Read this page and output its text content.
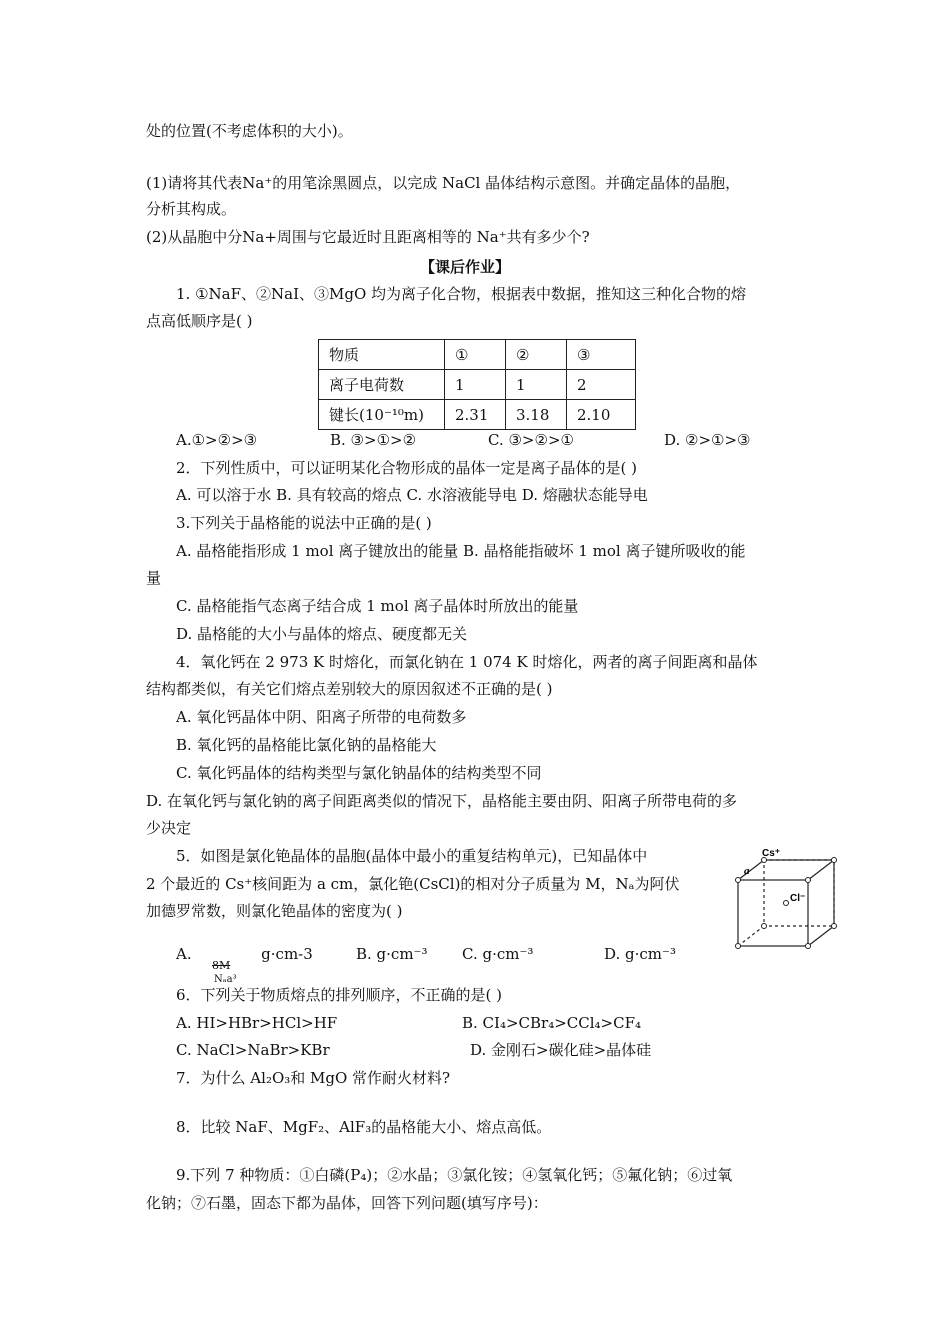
处的位置(不考虑体积的大小)。
(1)请将其代表Na⁺的用笔涂黑圆点，以完成 NaCl 晶体结构示意图。并确定晶体的晶胞，
分析其构成。
(2)从晶胞中分Na+周围与它最近时且距离相等的 Na⁺共有多少个?
【课后作业】
1. ①NaF、②NaI、③MgO 均为离子化合物，根据表中数据，推知这三种化合物的熔
点高低顺序是( )
物质	①	②	③
离子电荷数	1	1	2
键长(10⁻¹⁰m)	2.31	3.18	2.10
A.①>②>③	B. ③>①>②	C. ③>②>①	D. ②>①>③
2．下列性质中，可以证明某化合物形成的晶体一定是离子晶体的是( )
A. 可以溶于水 B. 具有较高的熔点 C. 水溶液能导电 D. 熔融状态能导电
3.下列关于晶格能的说法中正确的是( )
A. 晶格能指形成 1 mol 离子键放出的能量 B. 晶格能指破坏 1 mol 离子键所吸收的能
量
C. 晶格能指气态离子结合成 1 mol 离子晶体时所放出的能量
D. 晶格能的大小与晶体的熔点、硬度都无关
4．氧化钙在 2 973 K 时熔化，而氯化钠在 1 074 K 时熔化，两者的离子间距离和晶体
结构都类似，有关它们熔点差别较大的原因叙述不正确的是( )
A. 氧化钙晶体中阴、阳离子所带的电荷数多
B. 氧化钙的晶格能比氯化钠的晶格能大
C. 氧化钙晶体的结构类型与氯化钠晶体的结构类型不同
D. 在氧化钙与氯化钠的离子间距离类似的情况下，晶格能主要由阴、阳离子所带电荷的多
少决定
5．如图是氯化铯晶体的晶胞(晶体中最小的重复结构单元)，已知晶体中
2 个最近的 Cs⁺核间距为 a cm，氯化铯(CsCl)的相对分子质量为 M，Nₐ为阿伏
加德罗常数，则氯化铯晶体的密度为( )
Cs⁺
Cl⁻
a
A.	g·cm-3
8M
Nₐa³
B. g·cm⁻³ C. g·cm⁻³	D. g·cm⁻³
6．下列关于物质熔点的排列顺序，不正确的是( )
A. HI>HBr>HCl>HF	B. CI₄>CBr₄>CCl₄>CF₄
C. NaCl>NaBr>KBr	D. 金刚石>碳化硅>晶体硅
7．为什么 Al₂O₃和 MgO 常作耐火材料?
8．比较 NaF、MgF₂、AlF₃的晶格能大小、熔点高低。
9.下列 7 种物质：①白磷(P₄)；②水晶；③氯化铵；④氢氧化钙；⑤氟化钠；⑥过氧
化钠；⑦石墨，固态下都为晶体，回答下列问题(填写序号)：
